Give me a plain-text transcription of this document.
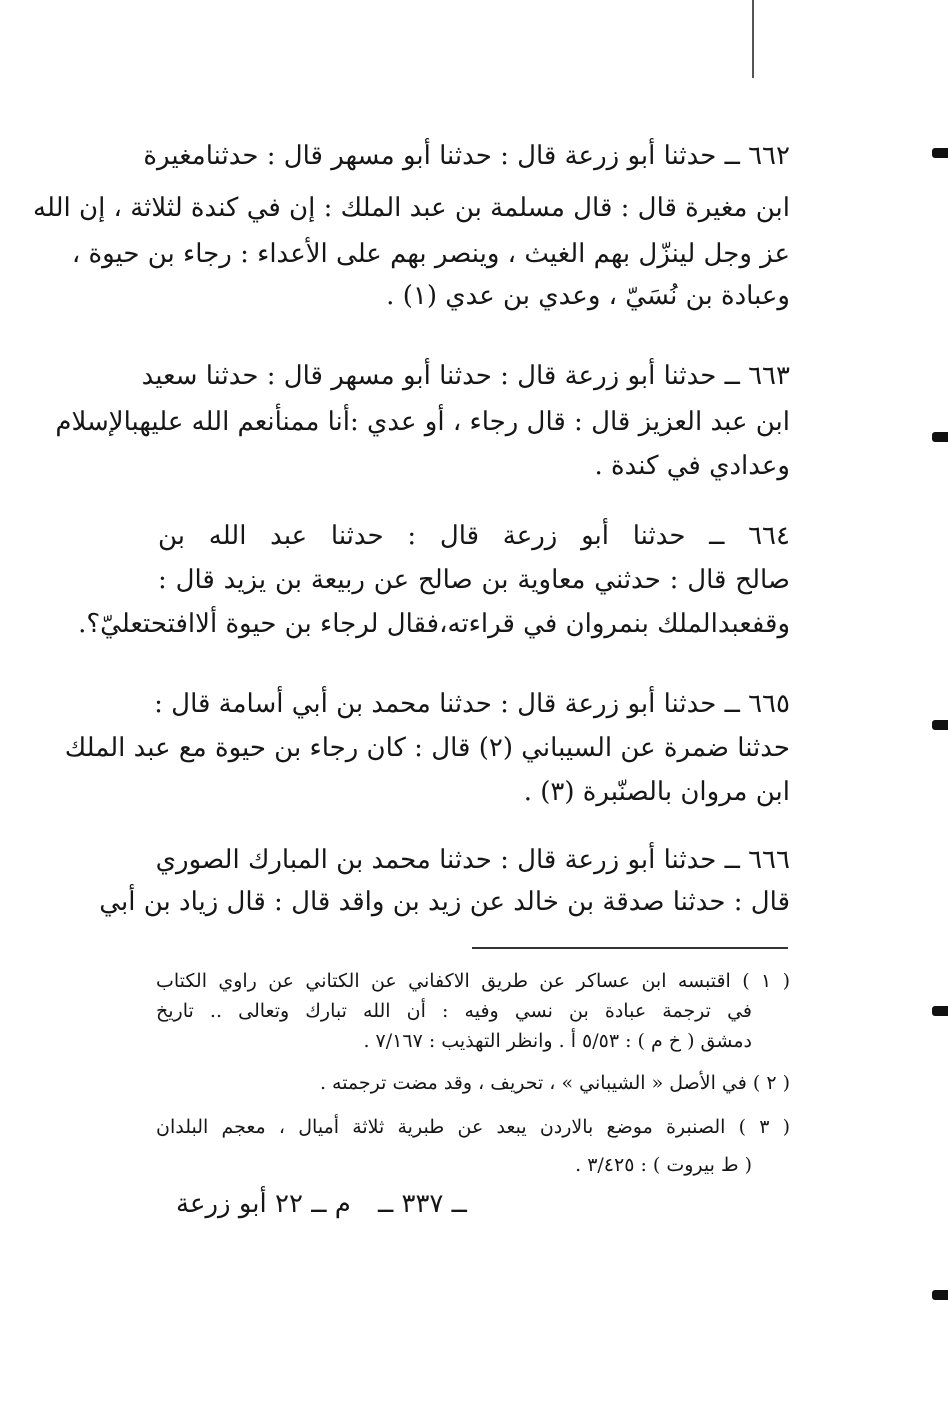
٦٦٢ ــ حدثنا أبو زرعة قال : حدثنا أبو مسهر قال : حدثنامغيرة
ابن مغيرة قال : قال مسلمة بن عبد الملك : إن في كندة لثلاثة ، إن الله
عز وجل لينزّل بهم الغيث ، وينصر بهم على الأعداء : رجاء بن حيوة ،
وعبادة بن نُسَيّ ، وعدي بن عدي (١) .
٦٦٣ ــ حدثنا أبو زرعة قال : حدثنا أبو مسهر قال : حدثنا سعيد
ابن عبد العزيز قال : قال رجاء ، أو عدي :أنا ممنأنعم الله عليهبالإسلام
وعدادي في كندة .
٦٦٤ ــ حدثنا أبو زرعة قال : حدثنا عبد الله بن
صالح قال : حدثني معاوية بن صالح عن ربيعة بن يزيد قال :
وقفعبدالملك بنمروان في قراءته،فقال لرجاء بن حيوة ألاافتحتعليّ؟.
٦٦٥ ــ حدثنا أبو زرعة قال : حدثنا محمد بن أبي أسامة قال :
حدثنا ضمرة عن السيباني (٢) قال : كان رجاء بن حيوة مع عبد الملك
ابن مروان بالصنّبرة (٣) .
٦٦٦ ــ حدثنا أبو زرعة قال : حدثنا محمد بن المبارك الصوري
قال : حدثنا صدقة بن خالد عن زيد بن واقد قال : قال زياد بن أبي
( ١ ) اقتبسه ابن عساكر عن طريق الاكفاني عن الكتاني عن راوي الكتاب
في ترجمة عبادة بن نسي وفيه : أن الله تبارك وتعالى .. تاريخ
دمشق ( خ م ) : ٥/٥٣ أ . وانظر التهذيب : ٧/١٦٧ .
( ٢ ) في الأصل « الشيباني » ، تحريف ، وقد مضت ترجمته .
( ٣ ) الصنبرة موضع بالاردن يبعد عن طبرية ثلاثة أميال ، معجم البلدان
( ط بيروت ) : ٣/٤٢٥ .
ــ ٣٣٧ ــ
م ــ ٢٢ أبو زرعة
